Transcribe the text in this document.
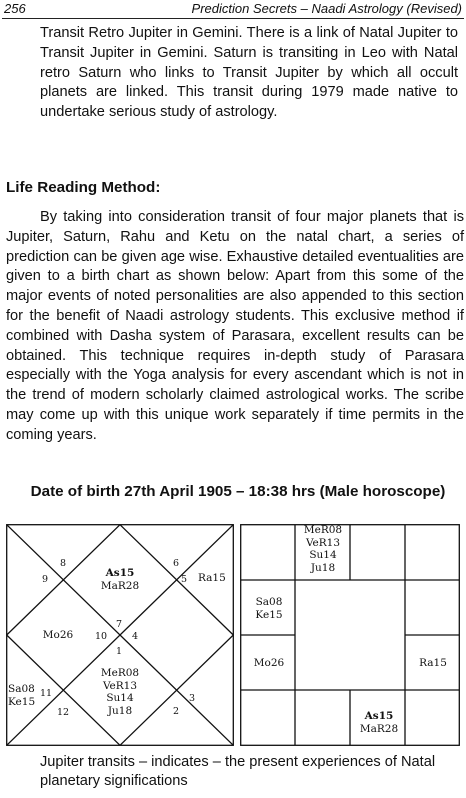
256	Prediction Secrets – Naadi Astrology (Revised)
Transit Retro Jupiter in Gemini. There is a link of Natal Jupiter to Transit Jupiter in Gemini. Saturn is transiting in Leo with Natal retro Saturn who links to Transit Jupiter by which all occult planets are linked. This transit during 1979 made native to undertake serious study of astrology.
Life Reading Method:
By taking into consideration transit of four major planets that is Jupiter, Saturn, Rahu and Ketu on the natal chart, a series of prediction can be given age wise. Exhaustive detailed eventualities are given to a birth chart as shown below: Apart from this some of the major events of noted personalities are also appended to this section for the benefit of Naadi astrology students. This exclusive method if combined with Dasha system of Parasara, excellent results can be obtained. This technique requires in-depth study of Parasara especially with the Yoga analysis for every ascendant which is not in the trend of modern scholarly claimed astrological works. The scribe may come up with this unique work separately if time permits in the coming years.
Date of birth 27th April 1905 – 18:38 hrs (Male horoscope)
1
2
3
4
5
6
7
8
9
10
11
12
As15
MaR28
Ra15
Mo26
MeR08
VeR13
Su14
Ju18
Sa08
Ke15
MeR08
VeR13
Su14
Ju18
Sa08
Ke15
Mo26	Ra15
As15
MaR28
Jupiter transits – indicates – the present experiences of Natal planetary significations
